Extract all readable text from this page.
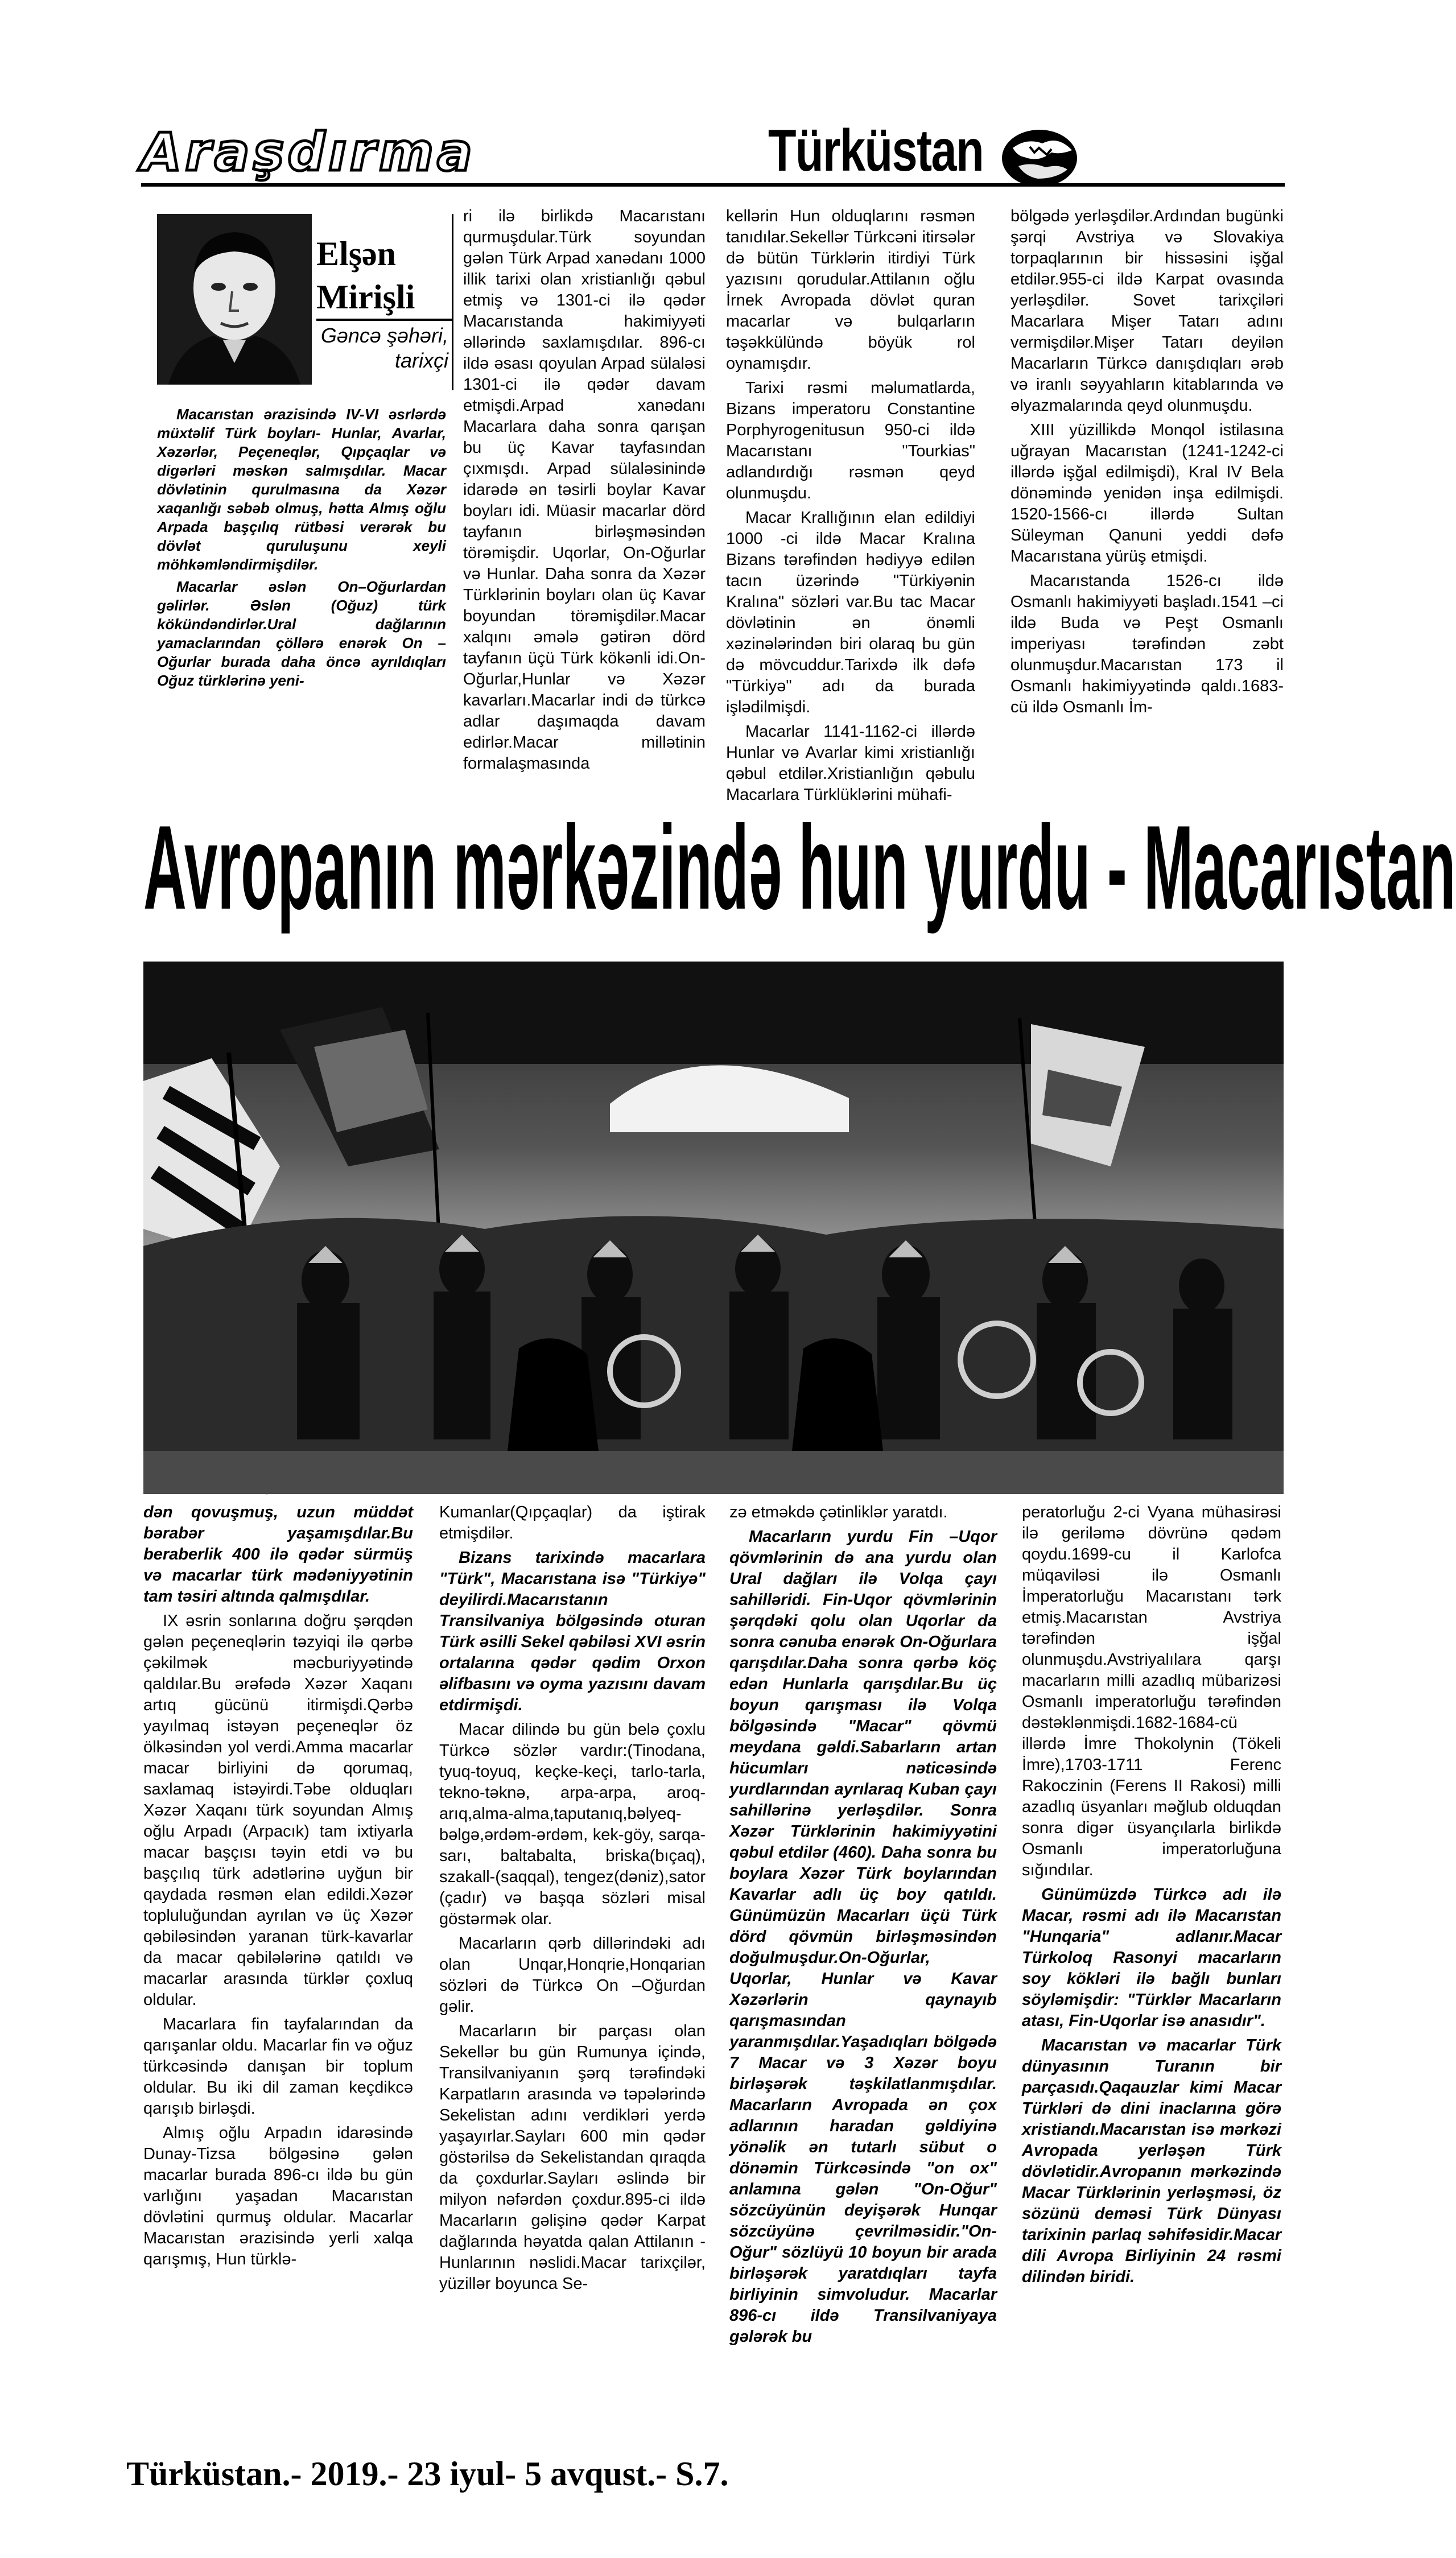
Araşdırma	Türküstan
Elşən
Mirişli
Gəncə şəhəri,
tarixçi

Macarıstan ərazisində IV-VI əsrlərdə müxtəlif Türk boyları- Hunlar, Avarlar, Xəzərlər, Peçeneqlər, Qıpçaqlar və digərləri məskən salmışdılar. Macar dövlətinin qurulmasına da Xəzər xaqanlığı səbəb olmuş, hətta Almış oğlu Arpada başçılıq rütbəsi verərək bu dövlət quruluşunu xeyli möhkəmləndirmişdilər.

Macarlar əslən On–Oğurlardan gəlirlər. Əslən (Oğuz) türk kökündəndirlər.Ural dağlarının yamaclarından çöllərə enərək On –Oğurlar burada daha öncə ayrıldıqları Oğuz türklərinə yeni-

ri ilə birlikdə Macarıstanı qurmuşdular.Türk soyundan gələn Türk Arpad xanədanı 1000 illik tarixi olan xristianlığı qəbul etmiş və 1301-ci ilə qədər Macarıstanda hakimiyyəti əllərində saxlamışdılar. 896-cı ildə əsası qoyulan Arpad sülaləsi 1301-ci ilə qədər davam etmişdi.Arpad xanədanı Macarlara daha sonra qarışan bu üç Kavar tayfasından çıxmışdı. Arpad sülaləsinində idarədə ən təsirli boylar Kavar boyları idi. Müasir macarlar dörd tayfanın birləşməsindən törəmişdir. Uqorlar, On-Oğurlar və Hunlar. Daha sonra da Xəzər Türklərinin boyları olan üç Kavar boyundan törəmişdilər.Macar xalqını əmələ gətirən dörd tayfanın üçü Türk kökənli idi.On-Oğurlar,Hunlar və Xəzər kavarları.Macarlar indi də türkcə adlar daşımaqda davam edirlər.Macar millətinin formalaşmasında

kellərin Hun olduqlarını rəsmən tanıdılar.Sekellər Türkcəni itirsələr də bütün Türklərin itirdiyi Türk yazısını qorudular.Attilanın oğlu İrnek Avropada dövlət quran macarlar və bulqarların təşəkkülündə böyük rol oynamışdır.

Tarixi rəsmi məlumatlarda, Bizans imperatoru Constantine Porphyrogenitusun 950-ci ildə Macarıstanı "Tourkias" adlandırdığı rəsmən qeyd olunmuşdu.

Macar Krallığının elan edildiyi 1000 -ci ildə Macar Kralına Bizans tərəfindən hədiyyə edilən tacın üzərində "Türkiyənin Kralına" sözləri var.Bu tac Macar dövlətinin ən önəmli xəzinələrindən biri olaraq bu gün də mövcuddur.Tarixdə ilk dəfə "Türkiyə" adı da burada işlədilmişdi.

Macarlar 1141-1162-ci illərdə Hunlar və Avarlar kimi xristianlığı qəbul etdilər.Xristianlığın qəbulu Macarlara Türklüklərini mühafi-

bölgədə yerləşdilər.Ardından bugünki şərqi Avstriya və Slovakiya torpaqlarının bir hissəsini işğal etdilər.955-ci ildə Karpat ovasında yerləşdilər. Sovet tarixçiləri Macarlara Mişer Tatarı adını vermişdilər.Mişer Tatarı deyilən Macarların Türkcə danışdıqları ərəb və iranlı səyyahların kitablarında və əlyazmalarında qeyd olunmuşdu.

XIII yüzillikdə Monqol istilasına uğrayan Macarıstan (1241-1242-ci illərdə işğal edilmişdi), Kral IV Bela dönəmində yenidən inşa edilmişdi. 1520-1566-cı illərdə Sultan Süleyman Qanuni yeddi dəfə Macarıstana yürüş etmişdi.

Macarıstanda 1526-cı ildə Osmanlı hakimiyyəti başladı.1541 –ci ildə Buda və Peşt Osmanlı imperiyası tərəfindən zəbt olunmuşdur.Macarıstan 173 il Osmanlı hakimiyyətində qaldı.1683-cü ildə Osmanlı İm-

Avropanın mərkəzində hun yurdu - Macarıstan

dən qovuşmuş, uzun müddət bərabər yaşamışdılar.Bu beraberlik 400 ilə qədər sürmüş və macarlar türk mədəniyyətinin tam təsiri altında qalmışdılar.

IX əsrin sonlarına doğru şərqdən gələn peçeneqlərin təzyiqi ilə qərbə çəkilmək məcburiyyətində qaldılar.Bu ərəfədə Xəzər Xaqanı artıq gücünü itirmişdi.Qərbə yayılmaq istəyən peçeneqlər öz ölkəsindən yol verdi.Amma macarlar macar birliyini də qorumaq, saxlamaq istəyirdi.Təbe olduqları Xəzər Xaqanı türk soyundan Almış oğlu Arpadı (Arpacık) tam ixtiyarla macar başçısı təyin etdi və bu başçılıq türk adətlərinə uyğun bir qaydada rəsmən elan edildi.Xəzər topluluğundan ayrılan və üç Xəzər qəbiləsindən yaranan türk-kavarlar da macar qəbilələrinə qatıldı və macarlar arasında türklər çoxluq oldular.

Macarlara fin tayfalarından da qarışanlar oldu. Macarlar fin və oğuz türkcəsində danışan bir toplum oldular. Bu iki dil zaman keçdikcə qarışıb birləşdi.

Almış oğlu Arpadın idarəsində Dunay-Tizsa bölgəsinə gələn macarlar burada 896-cı ildə bu gün varlığını yaşadan Macarıstan dövlətini qurmuş oldular. Macarlar Macarıstan ərazisində yerli xalqa qarışmış, Hun türklə-

Kumanlar(Qıpçaqlar) da iştirak etmişdilər.

Bizans tarixində macarlara "Türk", Macarıstana isə "Türkiyə" deyilirdi.Macarıstanın Transilvaniya bölgəsində oturan Türk əsilli Sekel qəbiləsi XVI əsrin ortalarına qədər qədim Orxon əlifbasını və oyma yazısını davam etdirmişdi.

Macar dilində bu gün belə çoxlu Türkcə sözlər vardır:(Tinodana, tyuq-toyuq, keçke-keçi, tarlo-tarla, tekno-təknə, arpa-arpa, aroq-arıq,alma-alma,taputanıq,bəlyeq-bəlgə,ərdəm-ərdəm, kek-göy, sarqa-sarı, baltabalta, briska(bıçaq), szakall-(saqqal), tengez(dəniz),sator (çadır) və başqa sözləri misal göstərmək olar.

Macarların qərb dillərindəki adı olan Unqar,Honqrie,Honqarian sözləri də Türkcə On –Oğurdan gəlir.

Macarların bir parçası olan Sekellər bu gün Rumunya içində, Transilvaniyanın şərq tərəfindəki Karpatların arasında və təpələrində Sekelistan adını verdikləri yerdə yaşayırlar.Sayları 600 min qədər göstərilsə də Sekelistandan qıraqda da çoxdurlar.Sayları əslində bir milyon nəfərdən çoxdur.895-ci ildə Macarların gəlişinə qədər Karpat dağlarında həyatda qalan Attilanın -Hunlarının nəslidi.Macar tarixçilər, yüzillər boyunca Se-

zə etməkdə çətinliklər yaratdı.

Macarların yurdu Fin –Uqor qövmlərinin də ana yurdu olan Ural dağları ilə Volqa çayı sahilləridi. Fin-Uqor qövmlərinin şərqdəki qolu olan Uqorlar da sonra cənuba enərək On-Oğurlara qarışdılar.Daha sonra qərbə köç edən Hunlarla qarışdılar.Bu üç boyun qarışması ilə Volqa bölgəsində "Macar" qövmü meydana gəldi.Sabarların artan hücumları nəticəsində yurdlarından ayrılaraq Kuban çayı sahillərinə yerləşdilər. Sonra Xəzər Türklərinin hakimiyyətini qəbul etdilər (460). Daha sonra bu boylara Xəzər Türk boylarından Kavarlar adlı üç boy qatıldı. Günümüzün Macarları üçü Türk dörd qövmün birləşməsindən doğulmuşdur.On-Oğurlar, Uqorlar, Hunlar və Kavar Xəzərlərin qaynayıb qarışmasından yaranmışdılar.Yaşadıqları bölgədə 7 Macar və 3 Xəzər boyu birləşərək təşkilatlanmışdılar. Macarların Avropada ən çox adlarının haradan gəldiyinə yönəlik ən tutarlı sübut o dönəmin Türkcəsində "on ox" anlamına gələn "On-Oğur" sözcüyünün deyişərək Hunqar sözcüyünə çevrilməsidir."On-Oğur" sözlüyü 10 boyun bir arada birləşərək yaratdıqları tayfa birliyinin simvoludur. Macarlar 896-cı ildə Transilvaniyaya gələrək bu

peratorluğu 2-ci Vyana mühasirəsi ilə geriləmə dövrünə qədəm qoydu.1699-cu il Karlofca müqaviləsi ilə Osmanlı İmperatorluğu Macarıstanı tərk etmiş.Macarıstan Avstriya tərəfindən işğal olunmuşdu.Avstriyalılara qarşı macarların milli azadlıq mübarizəsi Osmanlı imperatorluğu tərəfindən dəstəklənmişdi.1682-1684-cü illərdə İmre Thokolynin (Tökeli İmre),1703-1711 Ferenc Rakoczinin (Ferens II Rakosi) milli azadlıq üsyanları məğlub olduqdan sonra digər üsyançılarla birlikdə Osmanlı imperatorluğuna sığındılar.

Günümüzdə Türkcə adı ilə Macar, rəsmi adı ilə Macarıstan "Hunqaria" adlanır.Macar Türkoloq Rasonyi macarların soy kökləri ilə bağlı bunları söyləmişdir: "Türklər Macarların atası, Fin-Uqorlar isə anasıdır".

Macarıstan və macarlar Türk dünyasının Turanın bir parçasıdı.Qaqauzlar kimi Macar Türkləri də dini inaclarına görə xristiandı.Macarıstan isə mərkəzi Avropada yerləşən Türk dövlətidir.Avropanın mərkəzində Macar Türklərinin yerləşməsi, öz sözünü deməsi Türk Dünyası tarixinin parlaq səhifəsidir.Macar dili Avropa Birliyinin 24 rəsmi dilindən biridi.

Türküstan.- 2019.- 23 iyul- 5 avqust.- S.7.
